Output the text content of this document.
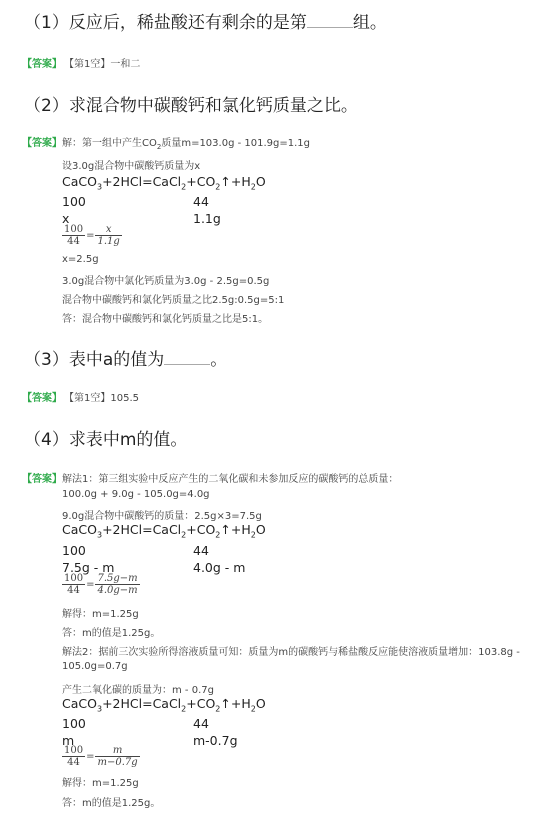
（1）反应后，稀盐酸还有剩余的是第	组。
【答案】 【第1空】一和二
（2）求混合物中碳酸钙和氯化钙质量之比。
【答案】 解：第一组中产生$CO_2$质量m=103.0g - 101.9g=1.1g
设3.0g混合物中碳酸钙质量为x
$CaCO_3+2HCl=CaCl_2+CO_2↑+H_2O$
100	44
x	1.1g
$\frac{100}{44} = \frac{x}{1.1g}$
x=2.5g
3.0g混合物中氯化钙质量为3.0g - 2.5g=0.5g
混合物中碳酸钙和氯化钙质量之比2.5g:0.5g=5:1
答：混合物中碳酸钙和氯化钙质量之比是5:1。
（3）表中a的值为	。
【答案】 【第1空】105.5
（4）求表中m的值。
【答案】 解法1：第三组实验中反应产生的二氧化碳和未参加反应的碳酸钙的总质量：
100.0g + 9.0g - 105.0g=4.0g
9.0g混合物中碳酸钙的质量：2.5g×3=7.5g
$CaCO_3+2HCl=CaCl_2+CO_2↑+H_2O$
100	44
7.5g - m	4.0g - m
$\frac{100}{44} = \frac{7.5g-m}{4.0g-m}$
解得：m=1.25g
答：m的值是1.25g。
解法2：据前三次实验所得溶液质量可知：质量为m的碳酸钙与稀盐酸反应能使溶液质量增加：103.8g -
105.0g=0.7g
产生二氧化碳的质量为：m - 0.7g
$CaCO_3+2HCl=CaCl_2+CO_2↑+H_2O$
100	44
m	m-0.7g
$\frac{100}{44} = \frac{m}{m-0.7g}$
解得：m=1.25g
答：m的值是1.25g。
